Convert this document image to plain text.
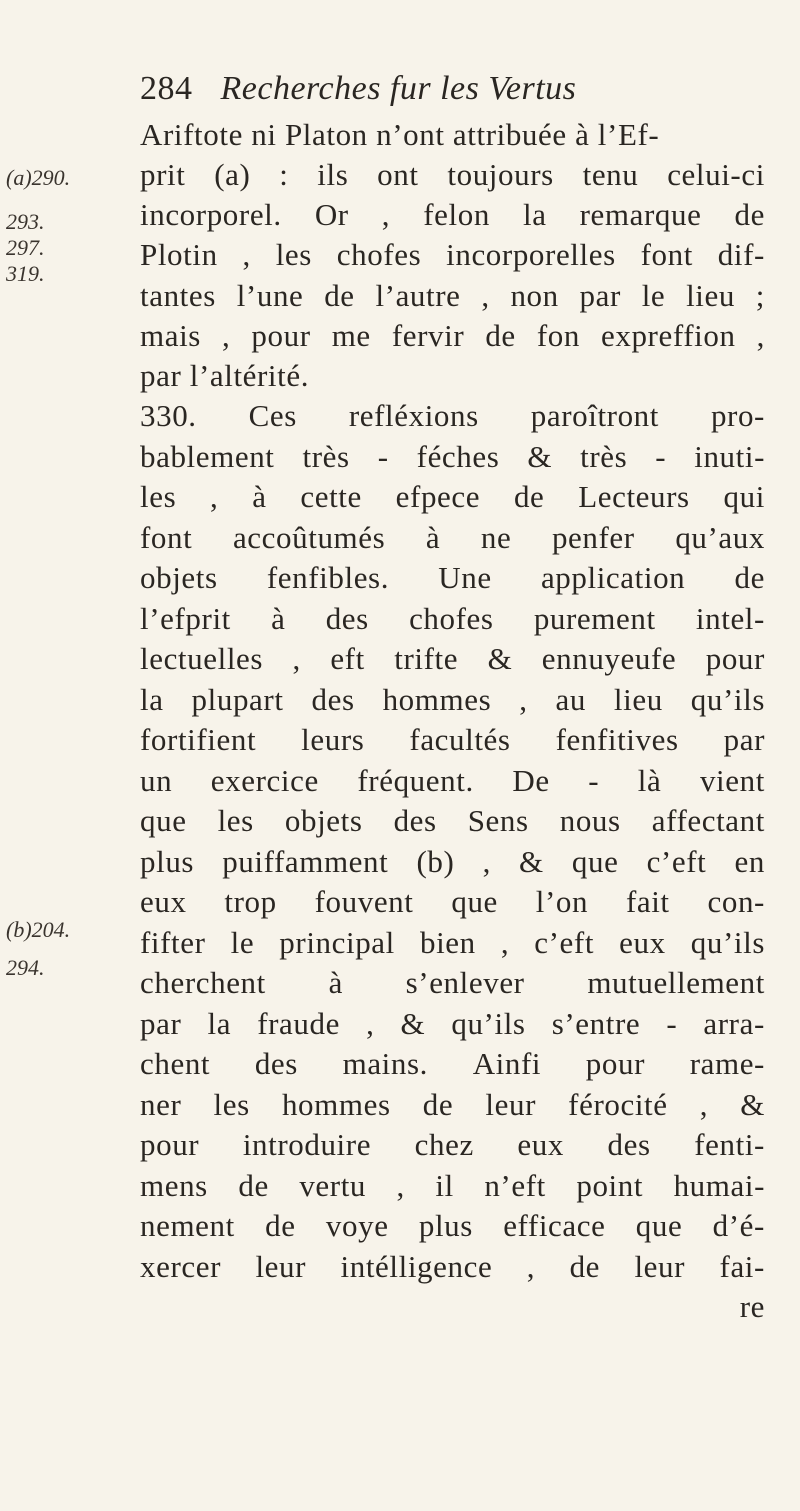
284 Recherches fur les Vertus
(a)290.
293.
297.
319.
(b)204.
294.
Ariftote ni Platon n’ont attribuée à l’Ef-
prit (a) : ils ont toujours tenu celui-ci
incorporel. Or , felon la remarque de
Plotin , les chofes incorporelles font dif-
tantes l’une de l’autre , non par le lieu ;
mais , pour me fervir de fon expreffion ,
par l’altérité.
330. Ces refléxions paroîtront pro-
bablement très - féches & très - inuti-
les , à cette efpece de Lecteurs qui
font accoûtumés à ne penfer qu’aux
objets fenfibles. Une application de
l’efprit à des chofes purement intel-
lectuelles , eft trifte & ennuyeufe pour
la plupart des hommes , au lieu qu’ils
fortifient leurs facultés fenfitives par
un exercice fréquent. De - là vient
que les objets des Sens nous affectant
plus puiffamment (b) , & que c’eft en
eux trop fouvent que l’on fait con-
fifter le principal bien , c’eft eux qu’ils
cherchent à s’enlever mutuellement
par la fraude , & qu’ils s’entre - arra-
chent des mains. Ainfi pour rame-
ner les hommes de leur férocité , &
pour introduire chez eux des fenti-
mens de vertu , il n’eft point humai-
nement de voye plus efficace que d’é-
xercer leur intélligence , de leur fai-
re
